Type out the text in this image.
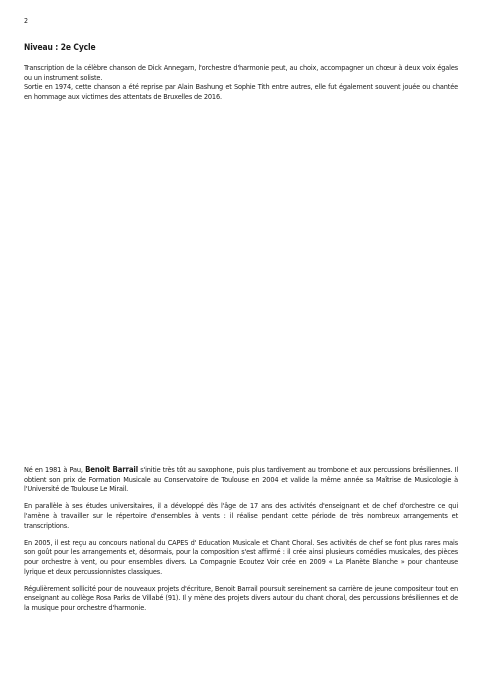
2
Niveau : 2e Cycle

Transcription de la célèbre chanson de Dick Annegarn, l'orchestre d'harmonie peut, au choix, accompagner un chœur à deux voix égales ou un instrument soliste.

Sortie en 1974, cette chanson a été reprise par Alain Bashung et Sophie Tith entre autres, elle fut également souvent jouée ou chantée en hommage aux victimes des attentats de Bruxelles de 2016.

Né en 1981 à Pau, Benoit Barrail s'initie très tôt au saxophone, puis plus tardivement au trombone et aux percussions brésiliennes. Il obtient son prix de Formation Musicale au Conservatoire de Toulouse en 2004 et valide la même année sa Maîtrise de Musicologie à l'Université de Toulouse Le Mirail.

En parallèle à ses études universitaires, il a développé dès l'âge de 17 ans des activités d'enseignant et de chef d'orchestre ce qui l'amène à travailler sur le répertoire d'ensembles à vents : il réalise pendant cette période de très nombreux arrangements et transcriptions.

En 2005, il est reçu au concours national du CAPES d' Education Musicale et Chant Choral. Ses activités de chef se font plus rares mais son goût pour les arrangements et, désormais, pour la composition s'est affirmé : il crée ainsi plusieurs comédies musicales, des pièces pour orchestre à vent, ou pour ensembles divers. La Compagnie Ecoutez Voir crée en 2009 « La Planète Blanche » pour chanteuse lyrique et deux percussionnistes classiques.

Régulièrement sollicité pour de nouveaux projets d'écriture, Benoit Barrail poursuit sereinement sa carrière de jeune compositeur tout en enseignant au collège Rosa Parks de Villabé (91). Il y mène des projets divers autour du chant choral, des percussions brésiliennes et de la musique pour orchestre d'harmonie.
